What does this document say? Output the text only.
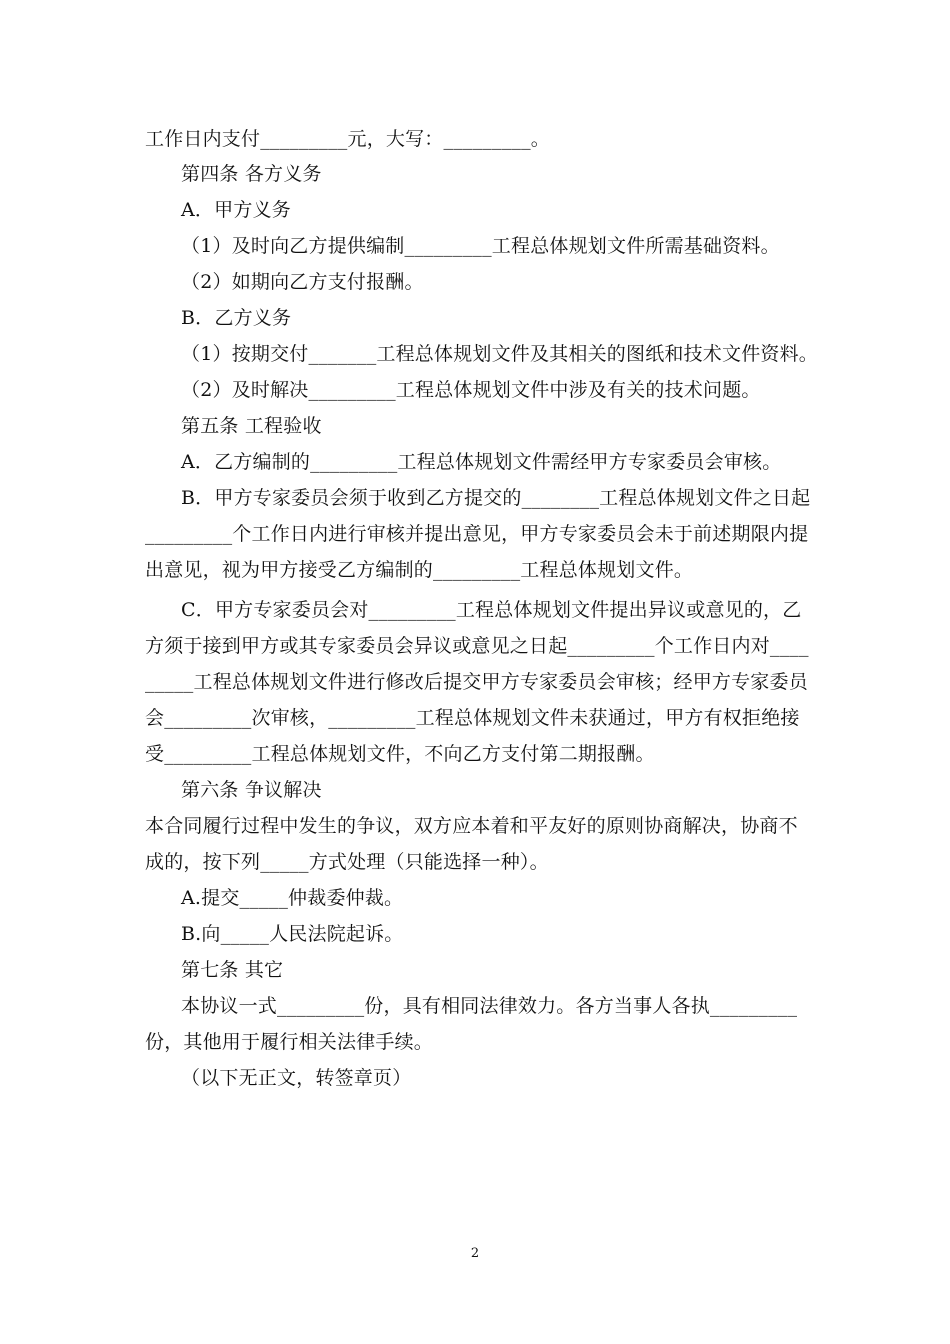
工作日内支付_________元，大写：_________。
第四条 各方义务
A．甲方义务
（1）及时向乙方提供编制_________工程总体规划文件所需基础资料。
（2）如期向乙方支付报酬。
B．乙方义务
（1）按期交付_______工程总体规划文件及其相关的图纸和技术文件资料。
（2）及时解决_________工程总体规划文件中涉及有关的技术问题。
第五条 工程验收
A．乙方编制的_________工程总体规划文件需经甲方专家委员会审核。
B．甲方专家委员会须于收到乙方提交的________工程总体规划文件之日起
_________个工作日内进行审核并提出意见，甲方专家委员会未于前述期限内提
出意见，视为甲方接受乙方编制的_________工程总体规划文件。
C．甲方专家委员会对_________工程总体规划文件提出异议或意见的，乙
方须于接到甲方或其专家委员会异议或意见之日起_________个工作日内对____
_____工程总体规划文件进行修改后提交甲方专家委员会审核；经甲方专家委员
会_________次审核，_________工程总体规划文件未获通过，甲方有权拒绝接
受_________工程总体规划文件，不向乙方支付第二期报酬。
第六条 争议解决
本合同履行过程中发生的争议，双方应本着和平友好的原则协商解决，协商不
成的，按下列_____方式处理（只能选择一种）。
A.提交_____仲裁委仲裁。
B.向_____人民法院起诉。
第七条 其它
本协议一式_________份，具有相同法律效力。各方当事人各执_________
份，其他用于履行相关法律手续。
（以下无正文，转签章页）
2
